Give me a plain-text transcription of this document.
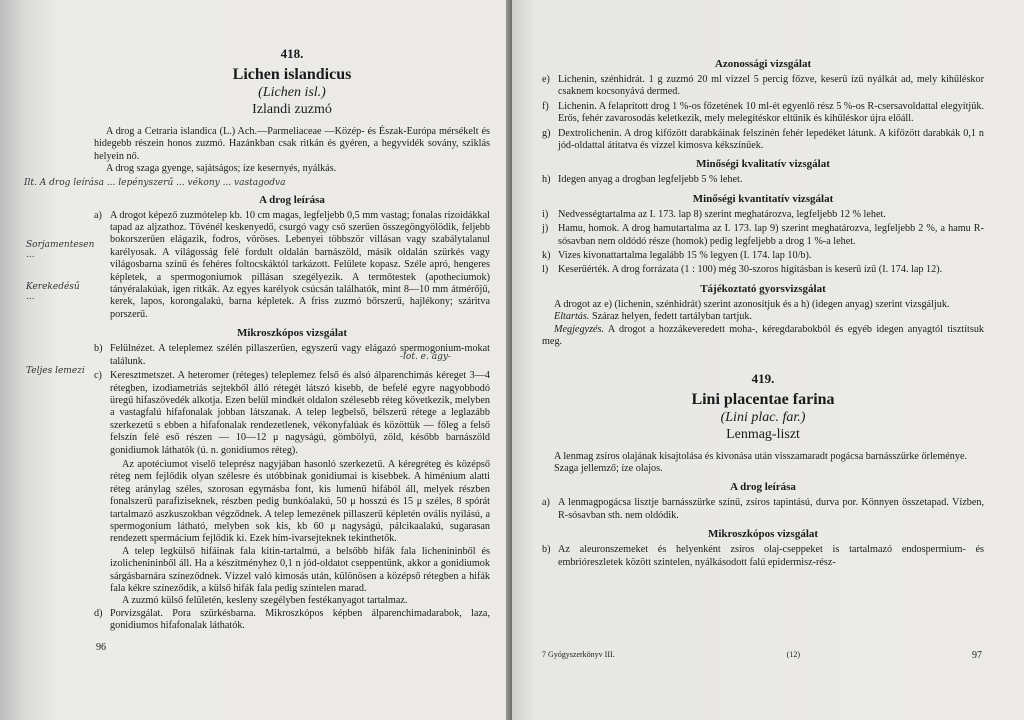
418.
Lichen islandicus
(Lichen isl.)
Izlandi zuzmó

A drog a Cetraria islandica (L.) Ach.—Parmeliaceae —Közép- és Észak-Európa mérsékelt és hidegebb részein honos zuzmó. Hazánkban csak ritkán és gyéren, a hegyvidék sovány, sziklás helyein nő.

A drog szaga gyenge, sajátságos; íze kesernyés, nyálkás.

Ilt. A drog leírása ... lepényszerű ... vékony ... vastagodva
A drog leírása
a) A drogot képező zuzmótelep kb. 10 cm magas, legfeljebb 0,5 mm vastag; fonalas rizoidákkal tapad az aljzathoz. Tövénél keskenyedő, csurgó vagy cső szerűen összegöngyölödik, feljebb bokorszerűen elágazik, fodros, vöröses. Lebenyei többször villásan vagy szabálytalanul karélyosak. A világosság felé fordult oldalán barnászöld, másik oldalán szürkés vagy világosbarna színű és fehéres foltocskáktól tarkázott. Felülete kopasz. Széle apró, hengeres képletek, a spermogoniumok pillásan szegélyezik. A termőtestek (apotheciumok) tányéralakúak, igen ritkák. Az egyes karélyok csúcsán találhatók, mint 8—10 mm átmérőjű, kerek, lapos, korongalakú, barna képletek. A friss zuzmó bőrszerű, hajlékony; száritva porszerű.
Mikroszkópos vizsgálat
b) Felülnézet. A teleplemez szélén pillaszerűen, egyszerű vagy elágazó spermogonium-mokat találunk.
c) Keresztmetszet. A heteromer (réteges) teleplemez felső és alsó álparenchimás kéreget 3—4 rétegben, izodiametriás sejtekből álló rétegét látszó kisebb, de befelé egyre nagyobbodó üregű hifaszövedék alkotja. Ezen belül mindkét oldalon szélesebb réteg következik, melyben a vastagfalú hifafonalak jobban látszanak. A telep legbelső, bélszerű rétege a leglazább szerkezetű s ebben a hifafonalak rendezetlenek, vékonyfalúak és közöttük — főleg a felső felszín felé eső részen — 10—12 μ nagyságú, gömbölyű, zöld, később barnászöld gonidiumok láthatók (ú. n. gonidiumos réteg).

Az apotéciumot viselő teleprész nagyjában hasonló szerkezetű. A kéregréteg és középső réteg nem fejlődik olyan szélesre és utóbbinak gonidiumai is kisebbek. A himénium alatti réteg aránylag széles, szorosan egymásba font, kis lumenű hifából áll, melyek részben fonalszerű parafiziseknek, részben pedig bunkóalakú, 50 μ hosszú és 15 μ széles, 8 spórát tartalmazó aszkuszokban végződnek. A telep lemezének pillaszerű képletén ovális nyílású, a spermogonium látható, melyben sok kis, kb 60 μ nagyságú, pálcikaalakú, sugarasan rendezett spermácium fejlődik ki. Ezek hím-ivarsejteknek tekinthetők.

A telep legkülső hifáinak fala kitin-tartalmú, a belsőbb hifák fala lichenininből és izolichenininből áll. Ha a készítményhez 0,1 n jód-oldatot cseppentünk, akkor a gonidiumok sárgásbarnára színeződnek. Vízzel való kimosás után, különösen a középső rétegben a hifák fala kékre színeződik, a külső hifák fala pedig színtelen marad.

A zuzmó külső felületén, kesleny szegélyben festékanyagot tartalmaz.

d) Porvizsgálat. Pora szürkésbarna. Mikroszkópos képben álparenchimadarabok, laza, gonidiumos hifafonalak láthatók.
Sorjamentesen ...
Kerekedésű ...
Teljes lemezi
-lot. e. ágy-
96
Azonossági vizsgálat
e) Lichenin, szénhidrát. 1 g zuzmó 20 ml vízzel 5 percig főzve, keserű ízű nyálkát ad, mely kihűléskor csaknem kocsonyává dermed.
f) Lichenin. A felaprított drog 1 %-os főzetének 10 ml-ét egyenlő rész 5 %-os R-csersavoldattal elegyítjük. Erős, fehér zavarosodás keletkezik, mely melegítéskor eltűnik és kihűléskor újra előáll.
g) Dextrolichenin. A drog kifőzött darabkáinak felszínén fehér lepedéket látunk. A kifőzött darabkák 0,1 n jód-oldattal átitatva és vízzel kimosva kékszínűek.
Minőségi kvalitatív vizsgálat
h) Idegen anyag a drogban legfeljebb 5 % lehet.
Minőségi kvantitatív vizsgálat
i) Nedvességtartalma az I. 173. lap 8) szerint meghatározva, legfeljebb 12 % lehet.
j) Hamu, homok. A drog hamutartalma az I. 173. lap 9) szerint meghatározva, legfeljebb 2 %, a hamu R-sósavban nem oldódó része (homok) pedig legfeljebb a drog 1 %-a lehet.
k) Vizes kivonattartalma legalább 15 % legyen (I. 174. lap 10/b).
l) Keserűérték. A drog forrázata (1 : 100) még 30-szoros hígításban is keserű ízű (I. 174. lap 12).
Tájékoztató gyorsvizsgálat

A drogot az e) (lichenin, szénhidrát) szerint azonosítjuk és a h) (idegen anyag) szerint vizsgáljuk.

Eltartás. Száraz helyen, fedett tartályban tartjuk.

Megjegyzés. A drogot a hozzákeveredett moha-, kéregdarabokból és egyéb idegen anyagtól tisztítsuk meg.

419.
Lini placentae farina
(Lini plac. far.)
Lenmag-liszt

A lenmag zsíros olajának kisajtolása és kivonása után visszamaradt pogácsa barnásszürke őrleménye.

Szaga jellemző; íze olajos.

A drog leírása
a) A lenmagpogácsa lisztje barnásszürke színű, zsíros tapintású, durva por. Könnyen összetapad. Vízben, R-sósavban sth. nem oldódik.
Mikroszkópos vizsgálat
b) Az aleuronszemeket és helyenként zsíros olaj-cseppeket is tartalmazó endospermium- és embrióreszletek között szintelen, nyálkásodott falú epidermisz-rész-
7 Gyógyszerkönyv III.	(12)	97
